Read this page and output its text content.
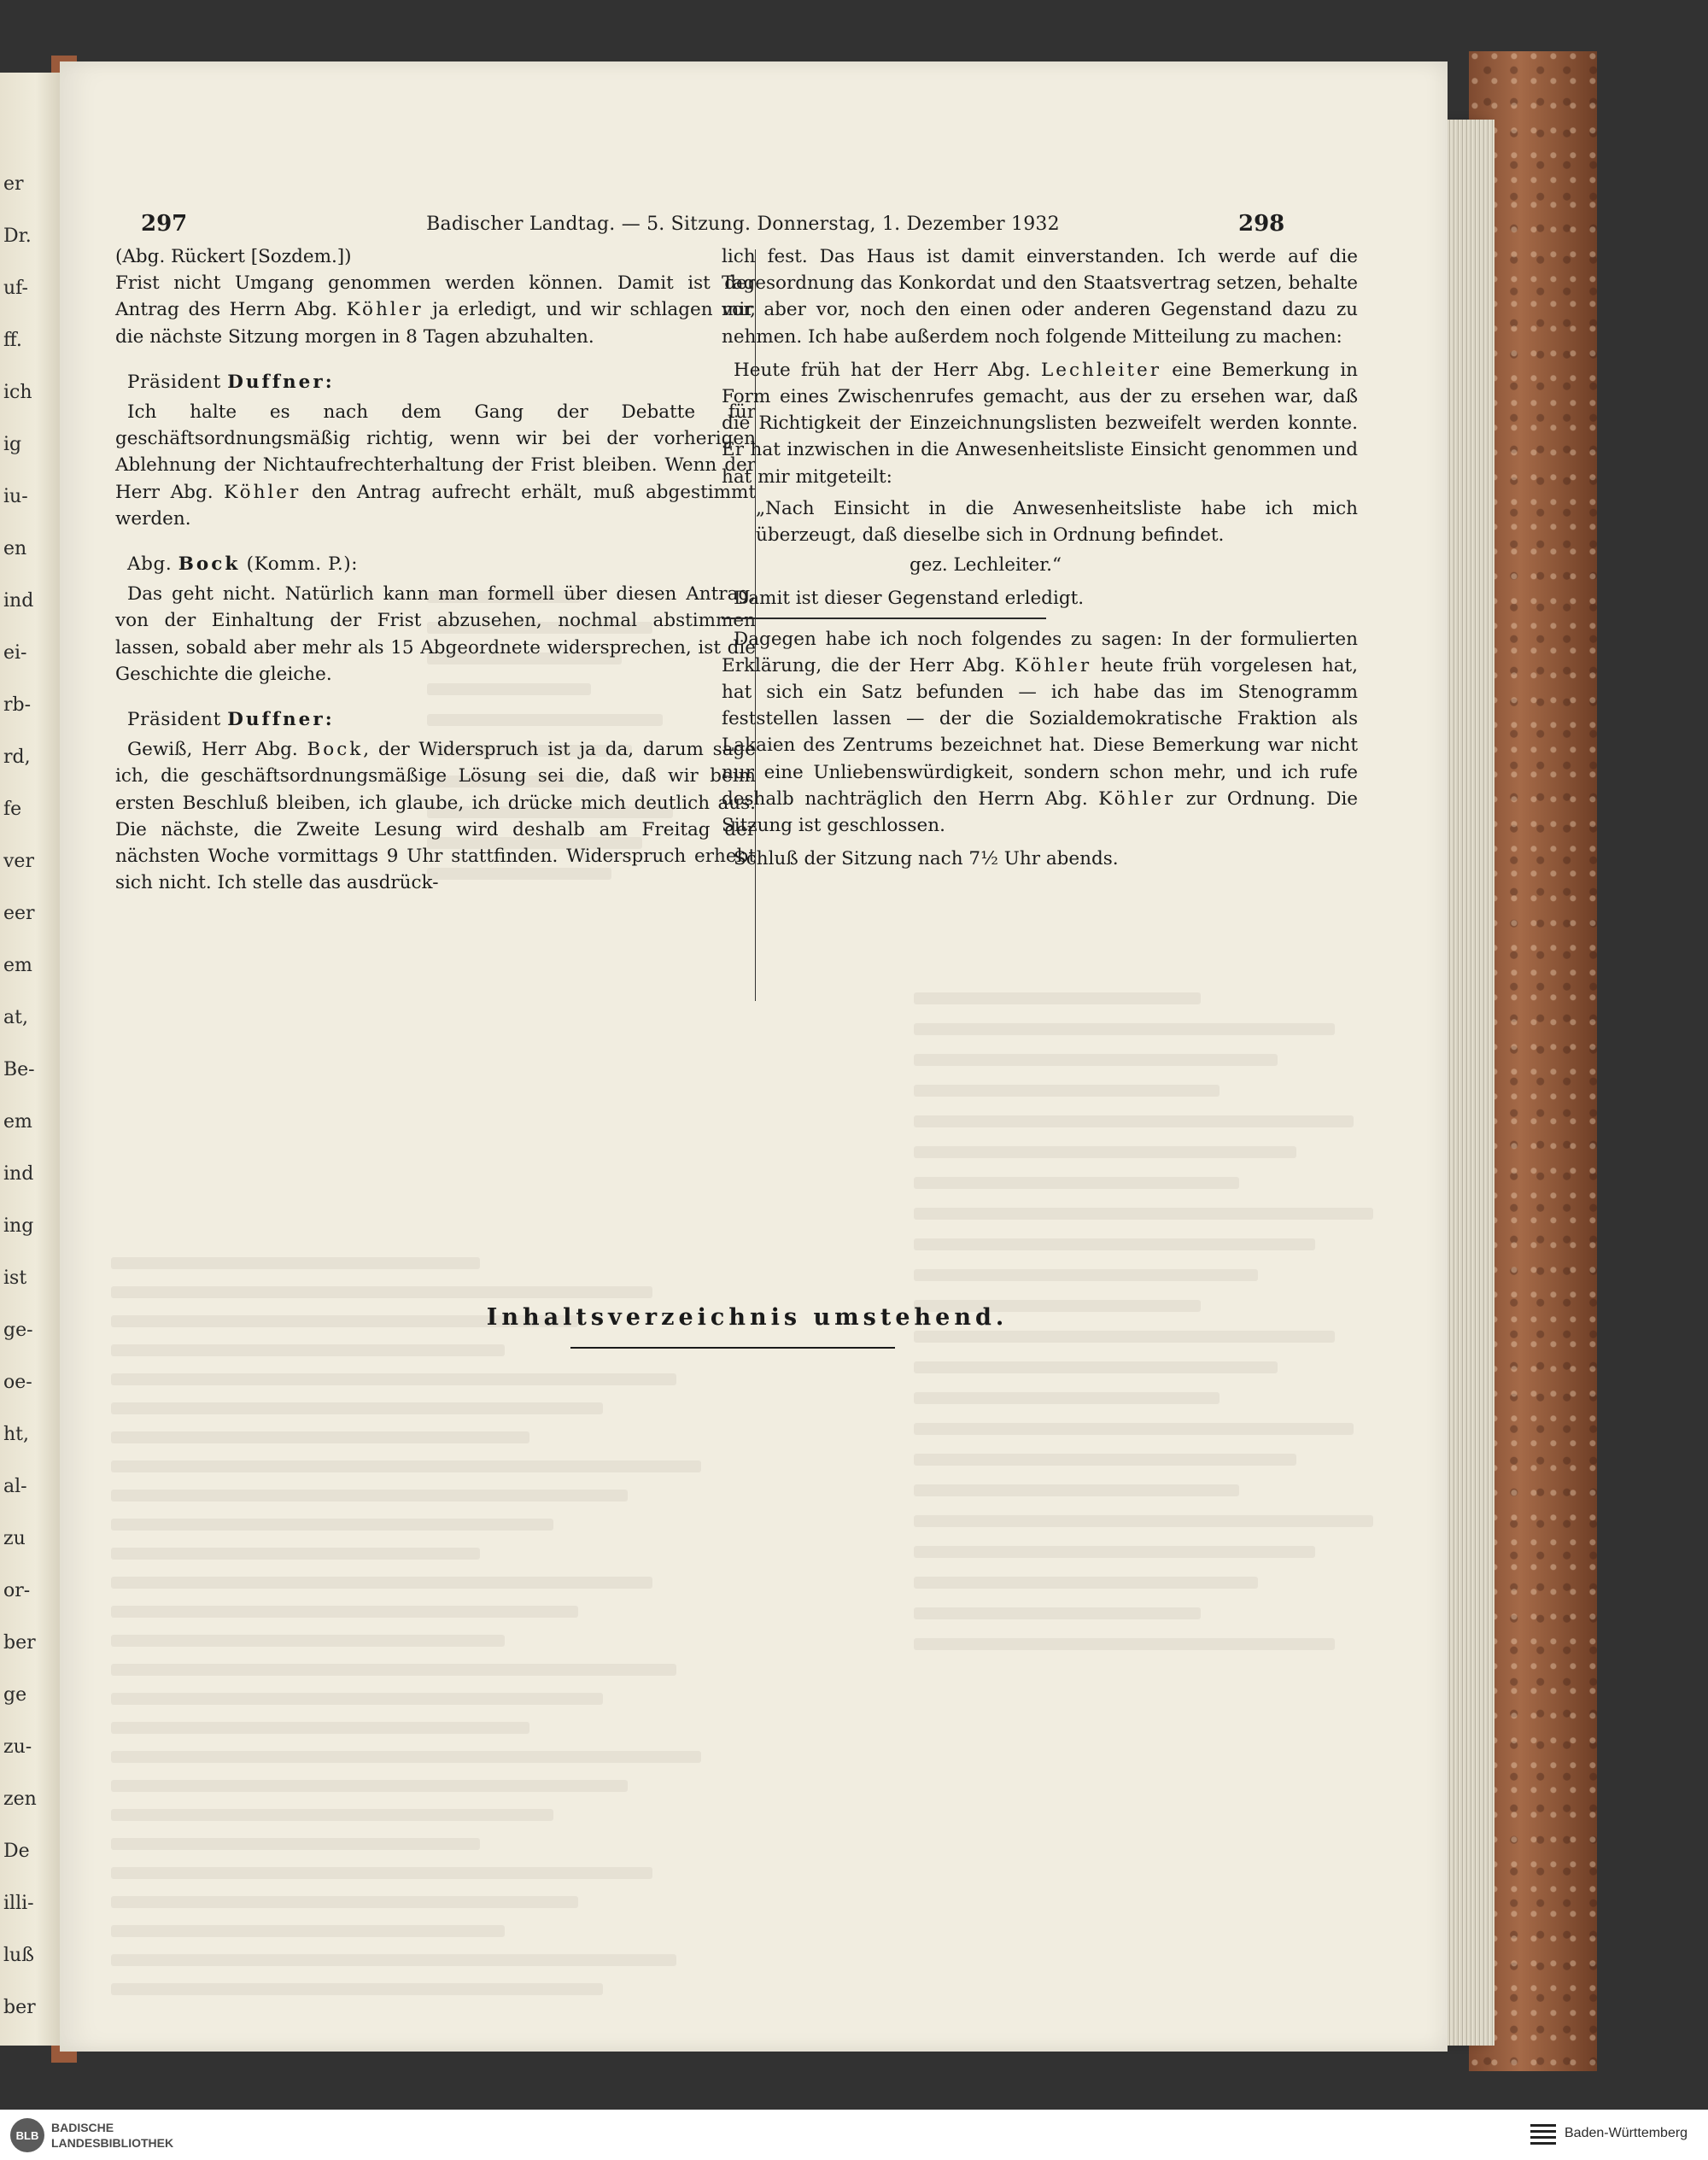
er
Dr.
uf-
ff.
ich
ig
iu-
en
ind
ei-
rb-
rd,
fe
ver
eer
em
at,
Be-
em
ind
ing
ist
ge-
oe-
ht,
al-
zu
or-
ber
ge
zu-
zen
De
illi-
luß
ber
297	Badischer Landtag. — 5. Sitzung. Donnerstag, 1. Dezember 1932	298

(Abg. Rückert [Sozdem.])

Frist nicht Umgang genommen werden können. Damit ist der Antrag des Herrn Abg. Köhler ja erledigt, und wir schlagen vor, die nächste Sitzung morgen in 8 Tagen abzuhalten.

Präsident Duffner:

Ich halte es nach dem Gang der Debatte für geschäftsordnungsmäßig richtig, wenn wir bei der vorherigen Ablehnung der Nichtaufrechterhaltung der Frist bleiben. Wenn der Herr Abg. Köhler den Antrag aufrecht erhält, muß abgestimmt werden.

Abg. Bock (Komm. P.):

Das geht nicht. Natürlich kann man formell über diesen Antrag, von der Einhaltung der Frist abzusehen, nochmal abstimmen lassen, sobald aber mehr als 15 Abgeordnete widersprechen, ist die Geschichte die gleiche.

Präsident Duffner:

Gewiß, Herr Abg. Bock, der Widerspruch ist ja da, darum sage ich, die geschäftsordnungsmäßige Lösung sei die, daß wir beim ersten Beschluß bleiben, ich glaube, ich drücke mich deutlich aus. Die nächste, die Zweite Lesung wird deshalb am Freitag der nächsten Woche vormittags 9 Uhr stattfinden. Widerspruch erhebt sich nicht. Ich stelle das ausdrück-

lich fest. Das Haus ist damit einverstanden. Ich werde auf die Tagesordnung das Konkordat und den Staatsvertrag setzen, behalte mir aber vor, noch den einen oder anderen Gegenstand dazu zu nehmen. Ich habe außerdem noch folgende Mitteilung zu machen:

Heute früh hat der Herr Abg. Lechleiter eine Bemerkung in Form eines Zwischenrufes gemacht, aus der zu ersehen war, daß die Richtigkeit der Einzeichnungslisten bezweifelt werden konnte. Er hat inzwischen in die Anwesenheitsliste Einsicht genommen und hat mir mitgeteilt:

„Nach Einsicht in die Anwesenheitsliste habe ich mich überzeugt, daß dieselbe sich in Ordnung befindet.

gez. Lechleiter.“

Damit ist dieser Gegenstand erledigt.

Dagegen habe ich noch folgendes zu sagen: In der formulierten Erklärung, die der Herr Abg. Köhler heute früh vorgelesen hat, hat sich ein Satz befunden — ich habe das im Stenogramm feststellen lassen — der die Sozialdemokratische Fraktion als Lakaien des Zentrums bezeichnet hat. Diese Bemerkung war nicht nur eine Unliebenswürdigkeit, sondern schon mehr, und ich rufe deshalb nachträglich den Herrn Abg. Köhler zur Ordnung. Die Sitzung ist geschlossen.

Schluß der Sitzung nach 7½ Uhr abends.

Inhaltsverzeichnis umstehend.
BLB
BADISCHE
LANDESBIBLIOTHEK
Baden-Württemberg
